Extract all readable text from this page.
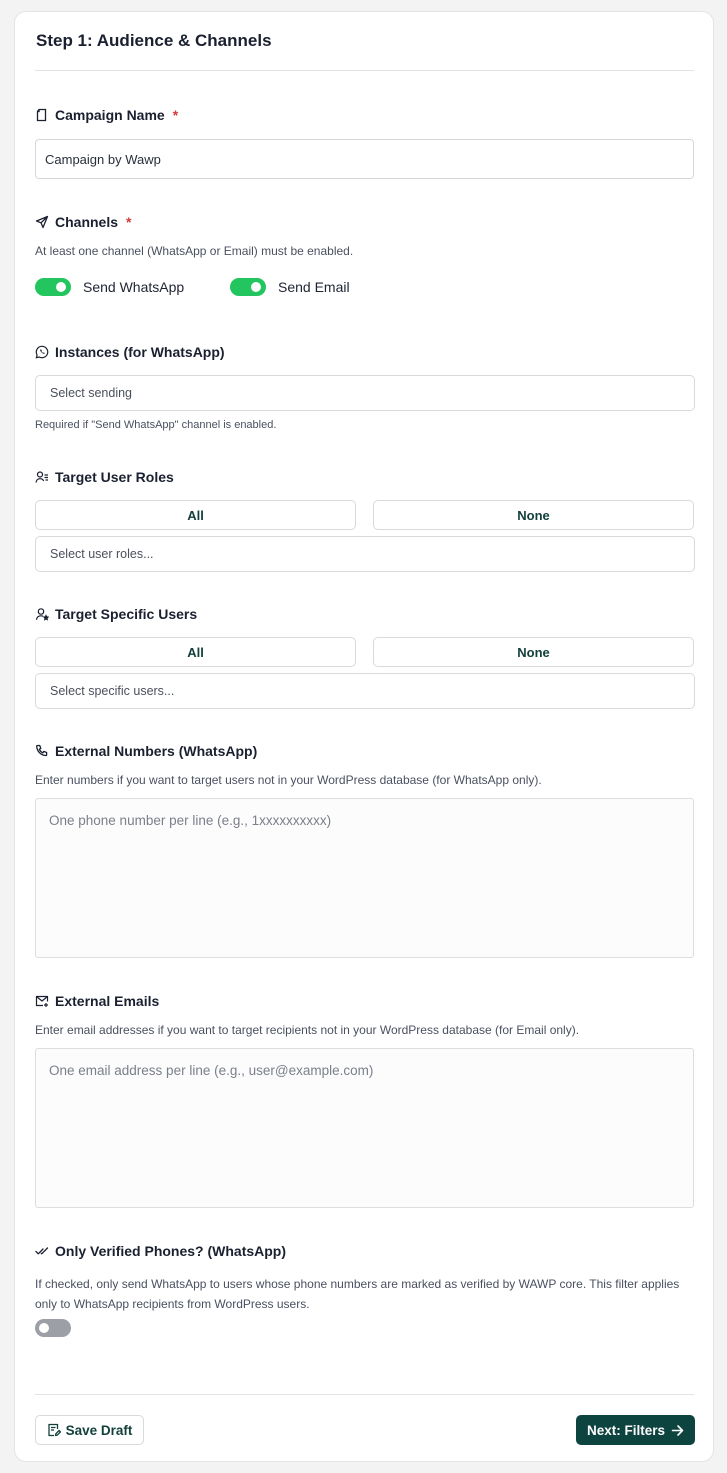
Step 1: Audience & Channels
Campaign Name *
Campaign by Wawp
Channels *
At least one channel (WhatsApp or Email) must be enabled.
Send WhatsApp	Send Email
Instances (for WhatsApp)
Select sending
Required if "Send WhatsApp" channel is enabled.
Target User Roles
All	None
Select user roles...
Target Specific Users
All	None
Select specific users...
External Numbers (WhatsApp)
Enter numbers if you want to target users not in your WordPress database (for WhatsApp only).
One phone number per line (e.g., 1xxxxxxxxxx)
External Emails
Enter email addresses if you want to target recipients not in your WordPress database (for Email only).
One email address per line (e.g., user@example.com)
Only Verified Phones? (WhatsApp)
If checked, only send WhatsApp to users whose phone numbers are marked as verified by WAWP core. This filter applies only to WhatsApp recipients from WordPress users.
Save Draft	Next: Filters
